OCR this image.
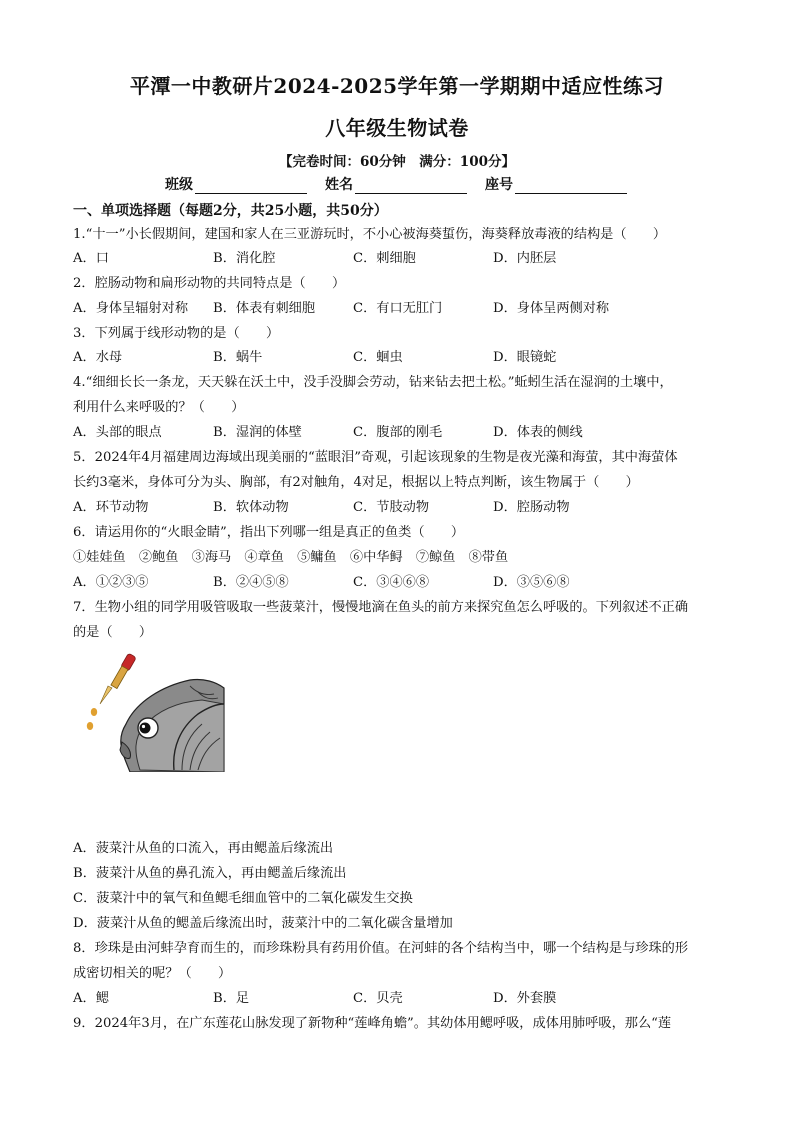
平潭一中教研片2024-2025学年第一学期期中适应性练习
八年级生物试卷
【完卷时间：60分钟　满分：100分】
班级	姓名	座号
一、单项选择题（每题2分，共25小题，共50分）
1.“十一”小长假期间，建国和家人在三亚游玩时，不小心被海葵蜇伤，海葵释放毒液的结构是（　　）
A．口	B．消化腔	C．刺细胞	D．内胚层
2．腔肠动物和扁形动物的共同特点是（　　）
A．身体呈辐射对称 B．体表有刺细胞	C．有口无肛门	D．身体呈两侧对称
3．下列属于线形动物的是（　　）
A．水母	B．蜗牛	C．蛔虫	D．眼镜蛇
4.“细细长长一条龙，天天躲在沃土中，没手没脚会劳动，钻来钻去把土松。”蚯蚓生活在湿润的土壤中，
利用什么来呼吸的？（　　）
A．头部的眼点	B．湿润的体壁	C．腹部的刚毛	D．体表的侧线
5．2024年4月福建周边海域出现美丽的“蓝眼泪”奇观，引起该现象的生物是夜光藻和海萤，其中海萤体
长约3毫米，身体可分为头、胸部，有2对触角，4对足，根据以上特点判断，该生物属于（　　）
A．环节动物	B．软体动物	C．节肢动物	D．腔肠动物
6．请运用你的“火眼金睛”，指出下列哪一组是真正的鱼类（　　）
①娃娃鱼　②鲍鱼　③海马　④章鱼　⑤鳙鱼　⑥中华鲟　⑦鲸鱼　⑧带鱼
A．①②③⑤	B．②④⑤⑧	C．③④⑥⑧	D．③⑤⑥⑧
7．生物小组的同学用吸管吸取一些菠菜汁，慢慢地滴在鱼头的前方来探究鱼怎么呼吸的。下列叙述不正确
的是（　　）
A．菠菜汁从鱼的口流入，再由鳃盖后缘流出
B．菠菜汁从鱼的鼻孔流入，再由鳃盖后缘流出
C．菠菜汁中的氧气和鱼鳃毛细血管中的二氧化碳发生交换
D．菠菜汁从鱼的鳃盖后缘流出时，菠菜汁中的二氧化碳含量增加
8．珍珠是由河蚌孕育而生的，而珍珠粉具有药用价值。在河蚌的各个结构当中，哪一个结构是与珍珠的形
成密切相关的呢？（　　）
A．鳃	B．足	C．贝壳	D．外套膜
9．2024年3月，在广东莲花山脉发现了新物种“莲峰角蟾”。其幼体用鳃呼吸，成体用肺呼吸，那么“莲
